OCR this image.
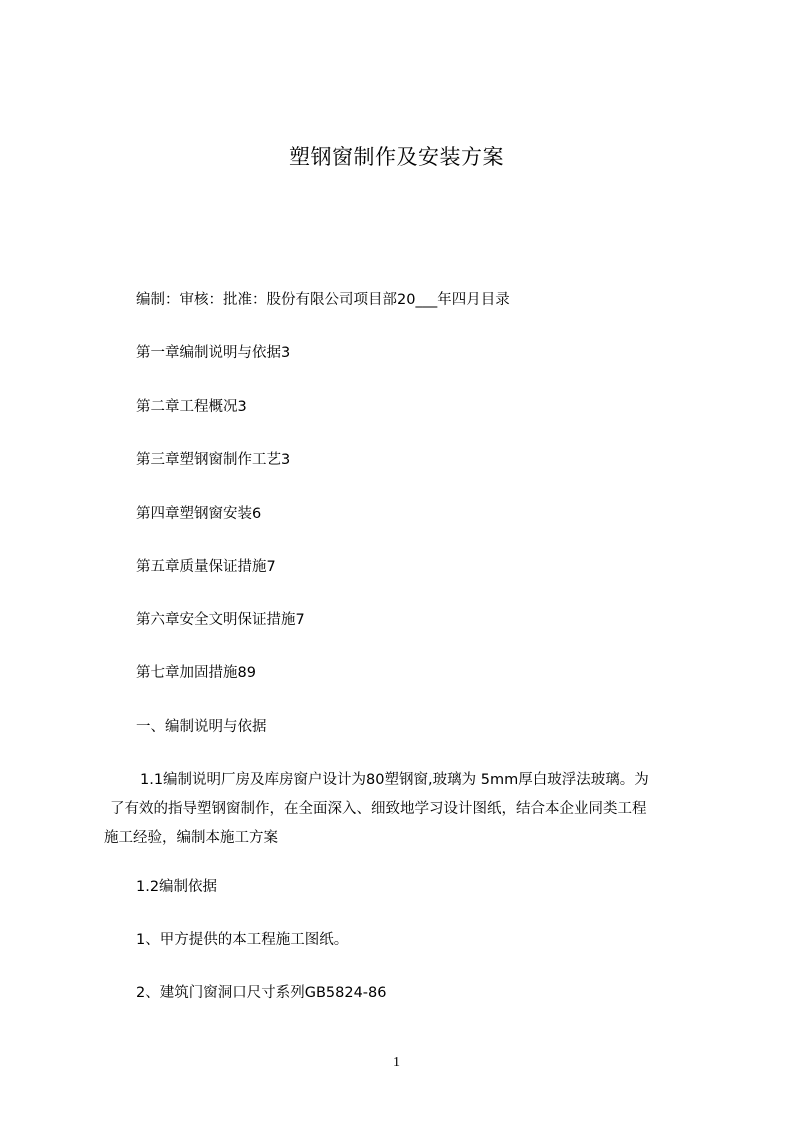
塑钢窗制作及安装方案
编制：审核：批准：股份有限公司项目部20___年四月目录
第一章编制说明与依据3
第二章工程概况3
第三章塑钢窗制作工艺3
第四章塑钢窗安装6
第五章质量保证措施7
第六章安全文明保证措施7
第七章加固措施89
一、编制说明与依据
1.1编制说明厂房及库房窗户设计为80塑钢窗,玻璃为 5mm厚白玻浮法玻璃。为
了有效的指导塑钢窗制作，在全面深入、细致地学习设计图纸，结合本企业同类工程
施工经验，编制本施工方案
1.2编制依据
1、甲方提供的本工程施工图纸。
2、建筑门窗洞口尺寸系列GB5824-86
1
